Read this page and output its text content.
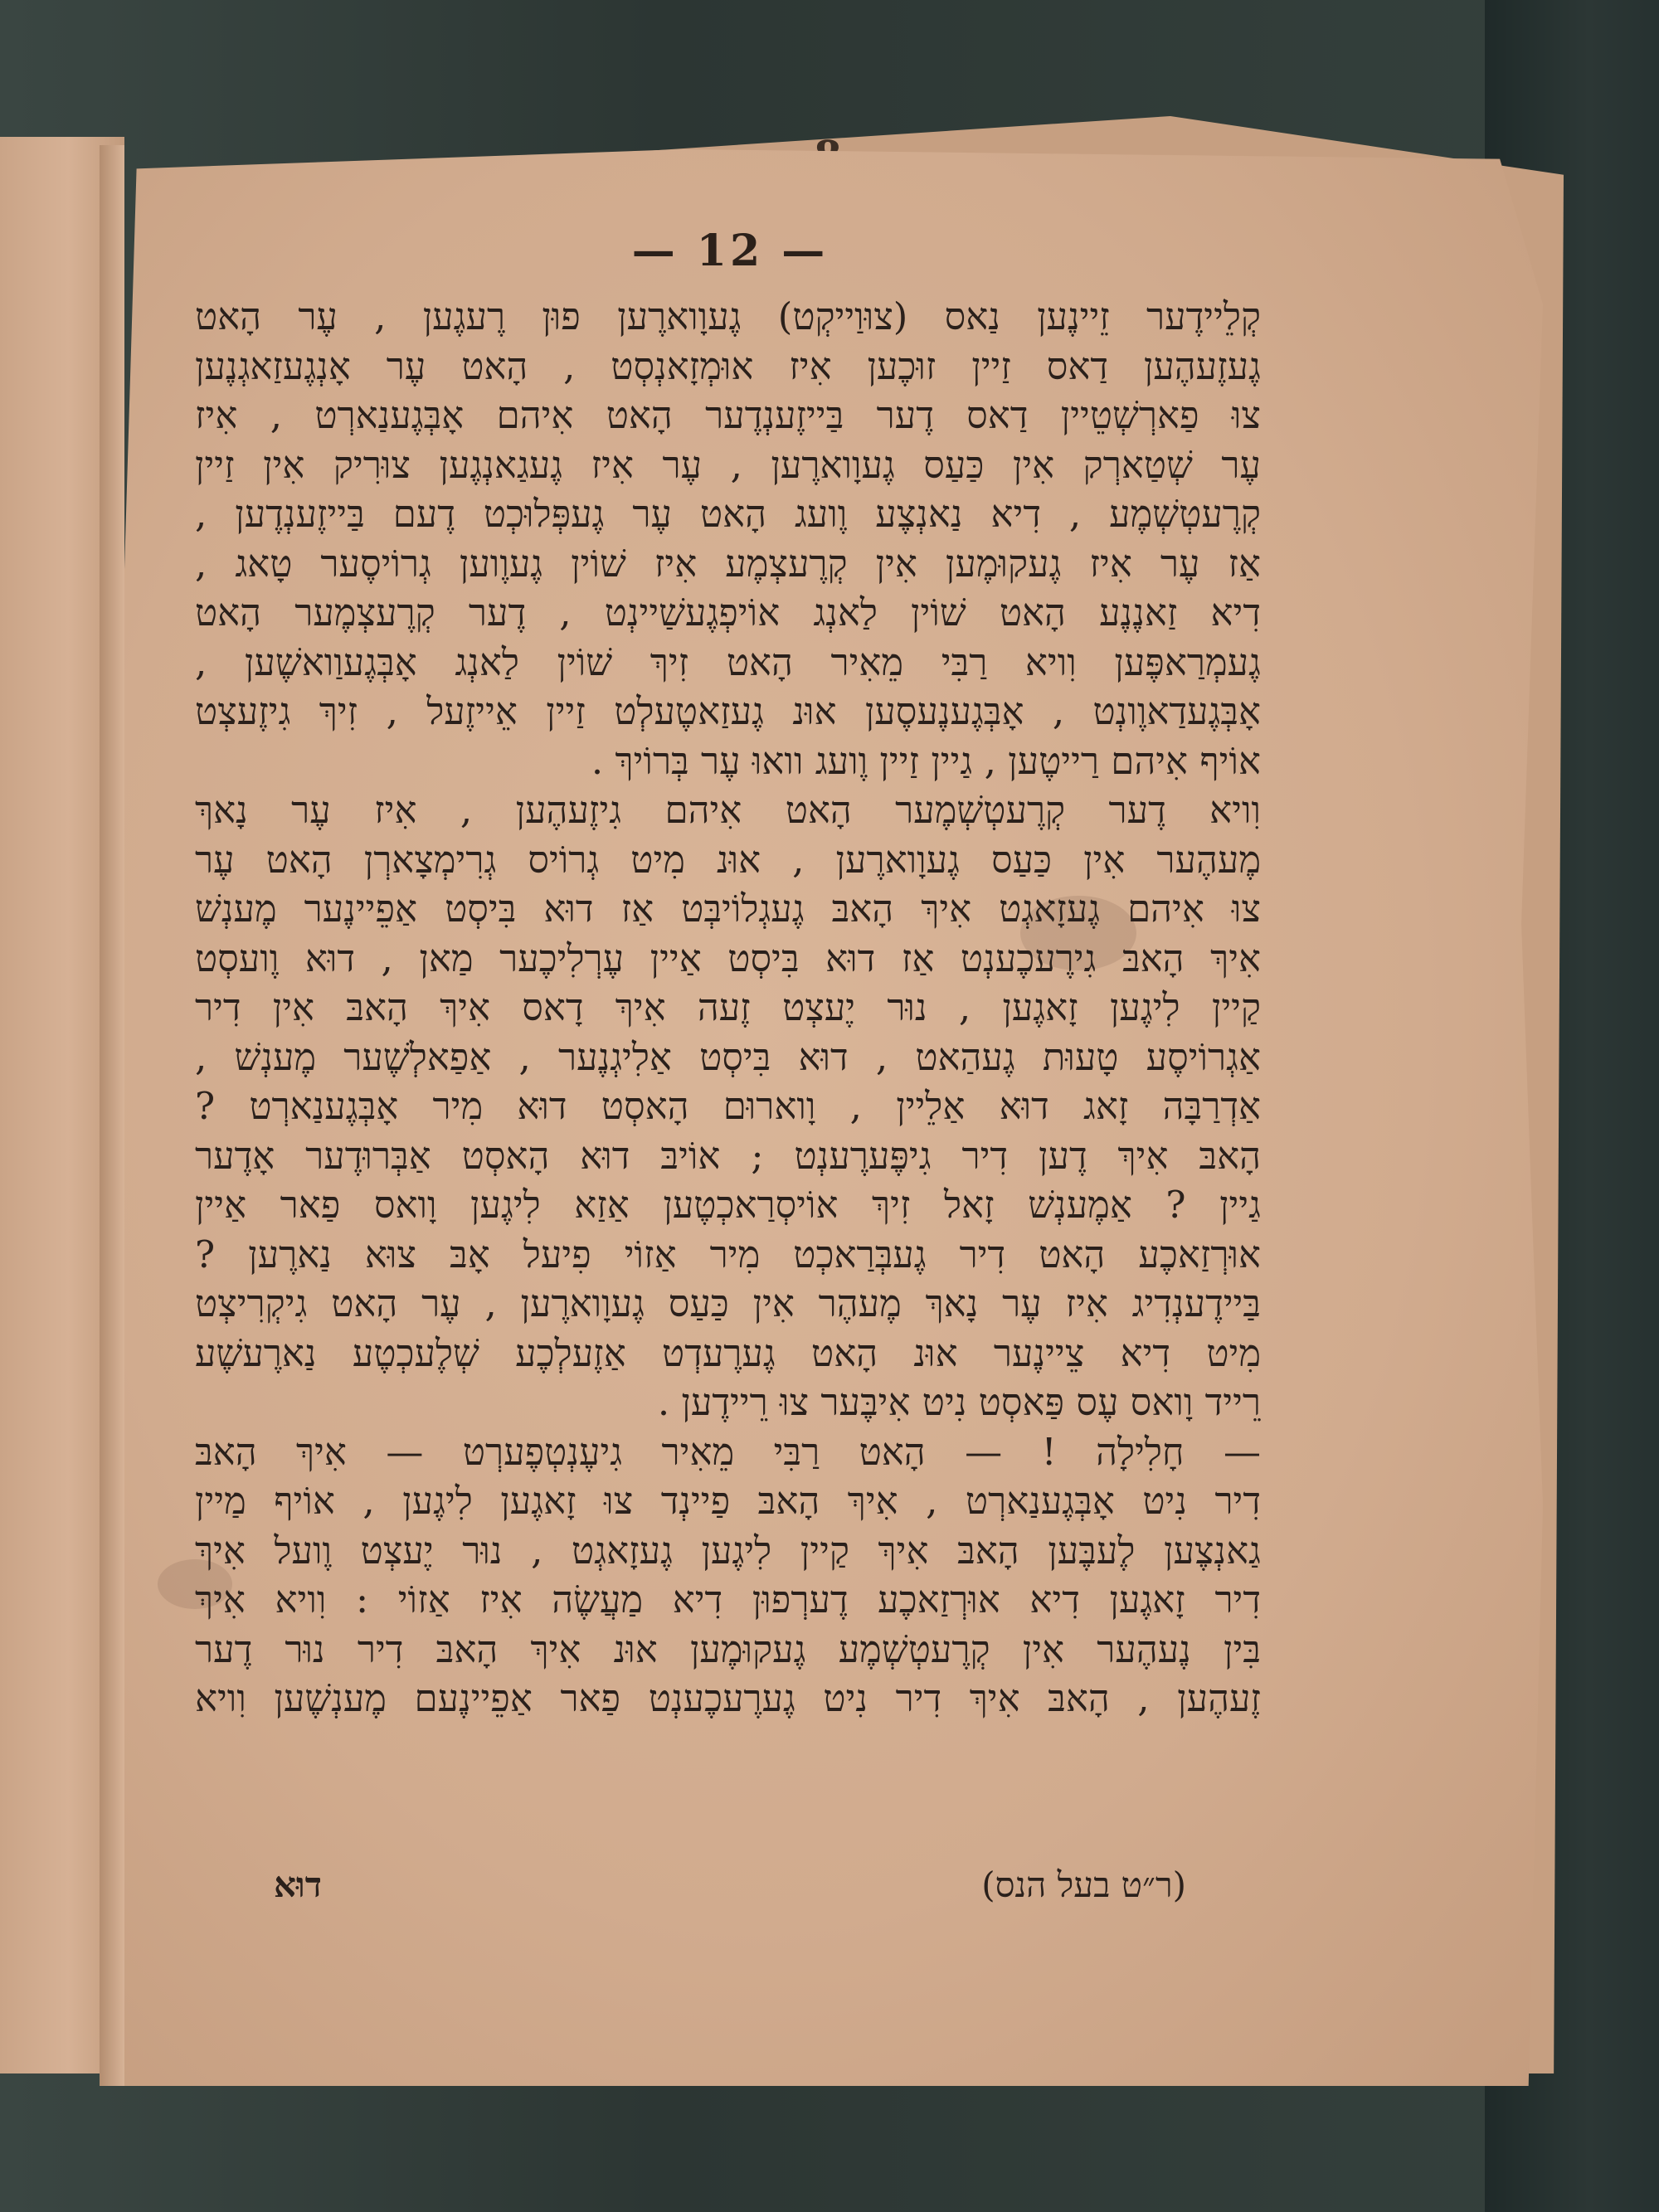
— 12 —
קְלֵיידֶער זֵיינֶען נַאס (צוּוַייקְט) גֶעוָוארֶען פוּן רֶעגֶען , עֶר הָאט
גֶעזֶעהֶען דַאס זַיין זוּכֶען אִיז אוּמְזָאנְסְט , הָאט עֶר אָנְגֶעזַאגְנֶען
צוּ פַארְשְׁטֵיין דַאס דֶער בַּייזֶענְדֶער הָאט אִיהם אָבְּגֶענַארְט , אִיז
עֶר שְׁטַארְק אִין כַּעַס גֶעוָוארֶען , עֶר אִיז גֶעגַאנְגֶען צוּרִיק אִין זַיין
קְרֶעטְשְׁמֶע , דִיא נַאנְצֶע וֶועג הָאט עֶר גֶעפְּלוּכְט דֶעם בַּייזֶענְדֶען ,
אַז עֶר אִיז גֶעקוּמֶען אִין קְרֶעצְמֶע אִיז שׁוֹין גֶעוֶוען גְרוֹיסֶער טָאג ,
דִיא זַאנֶנֶע הָאט שׁוֹין לַאנְג אוֹיפְגֶעשַׁיינְט , דֶער קְרֶעצְמֶער הָאט
גֶעמְרַאפֶּען וִויא רַבִּי מֵאִיר הָאט זִיךְ שׁוֹין לַאנְג אָבְּגֶעוַואשֶׁען ,
אָבְּגֶעדַאוֶונְט , אָבְּגֶענֶעסֶען אוּנ גֶעזַאטֶעלְט זַיין אֵייזֶעל , זִיךְ גִיזֶעצְט
אוֹיף אִיהם רַייטֶען , גַיין זַיין וֶועג וואוּ עֶר בְּרוֹיךְ .
וִויא דֶער קְרֶעטְשְׁמֶער הָאט אִיהם גִיזֶעהֶען , אִיז עֶר נָאךְ
מֶעהֶער אִין כַּעַס גֶעוָוארֶען , אוּנ מִיט גְרוֹיס גְרִימְצָארְן הָאט עֶר
צוּ אִיהם גֶעזָאגְט אִיךְ הָאבּ גֶעגְלוֹיבְּט אַז דוּא בִּיסְט אַפֵיינֶער מֶענְשׁ
אִיךְ הָאבּ גִירֶעכֶענְט אַז דוּא בִּיסְט אַיין עֶרְלִיכֶער מַאן , דוּא וֶועסְט
קַיין לִיגֶען זָאגֶען , נוּר יֶעצְט זֶעה אִיךְ דָאס אִיךְ הָאבּ אִין דִיר
אַגְרוֹיסֶע טָעוּת גֶעהַאט , דוּא בִּיסְט אַלִיגְנֶער , אַפַאלְשֶׁער מֶענְשׁ ,
אַדְרַבָּה זָאג דוּא אַלֵיין , וָוארוּם הָאסְט דוּא מִיר אָבְּגֶענַארְט ?
הָאבּ אִיךְ דֶען דִיר גִיפֶּערֶענְט ; אוֹיבּ דוּא הָאסְט אַבְּרוּדֶער אָדֶער
גַיין ? אַמֶענְשׁ זָאל זִיךְ אוֹיסְרַאכְטֶען אַזַא לִיגֶען וָואס פַאר אַיין
אוּרְזַאכֶע הָאט דִיר גֶעבְּרַאכְט מִיר אַזוֹי פִיעל אָבּ צוּא נַארֶען ?
בַּיידֶענְדִיג אִיז עֶר נָאךְ מֶעהֶר אִין כַּעַס גֶעוָוארֶען , עֶר הָאט גִיקְרִיצְט
מִיט דִיא צֵיינֶער אוּנ הָאט גֶערֶעדְט אַזֶעלְכֶע שְׁלֶעכְטֶע נַארֶעשֶׁע
רֵייד וָואס עֶס פַּאסְט נִיט אִיבֶּער צוּ רֵיידֶען .
— חָלִילָה ! — הָאט רַבִּי מֵאִיר גִיעֶנְטְפֶערְט — אִיךְ הָאבּ
דִיר נִיט אָבְּגֶענַארְט , אִיךְ הָאבּ פַיינְד צוּ זָאגֶען לִיגֶען , אוֹיף מַיין
גַאנְצֶען לֶעבֶּען הָאבּ אִיךְ קַיין לִיגֶען גֶעזָאגְט , נוּר יֶעצְט וֶועל אִיךְ
דִיר זָאגֶען דִיא אוּרְזַאכֶע דֶערְפוּן דִיא מַעֲשֶׂה אִיז אַזוֹי : וִויא אִיךְ
בִּין נֶעהֶער אִין קְרֶעטְשְׁמֶע גֶעקוּמֶען אוּנ אִיךְ הָאבּ דִיר נוּר דֶער
זֶעהֶען , הָאבּ אִיךְ דִיר נִיט גֶערֶעכֶענְט פַאר אַפֵיינֶעם מֶענְשֶׁען וִויא
(ר״ט בעל הנס)
דוּא
